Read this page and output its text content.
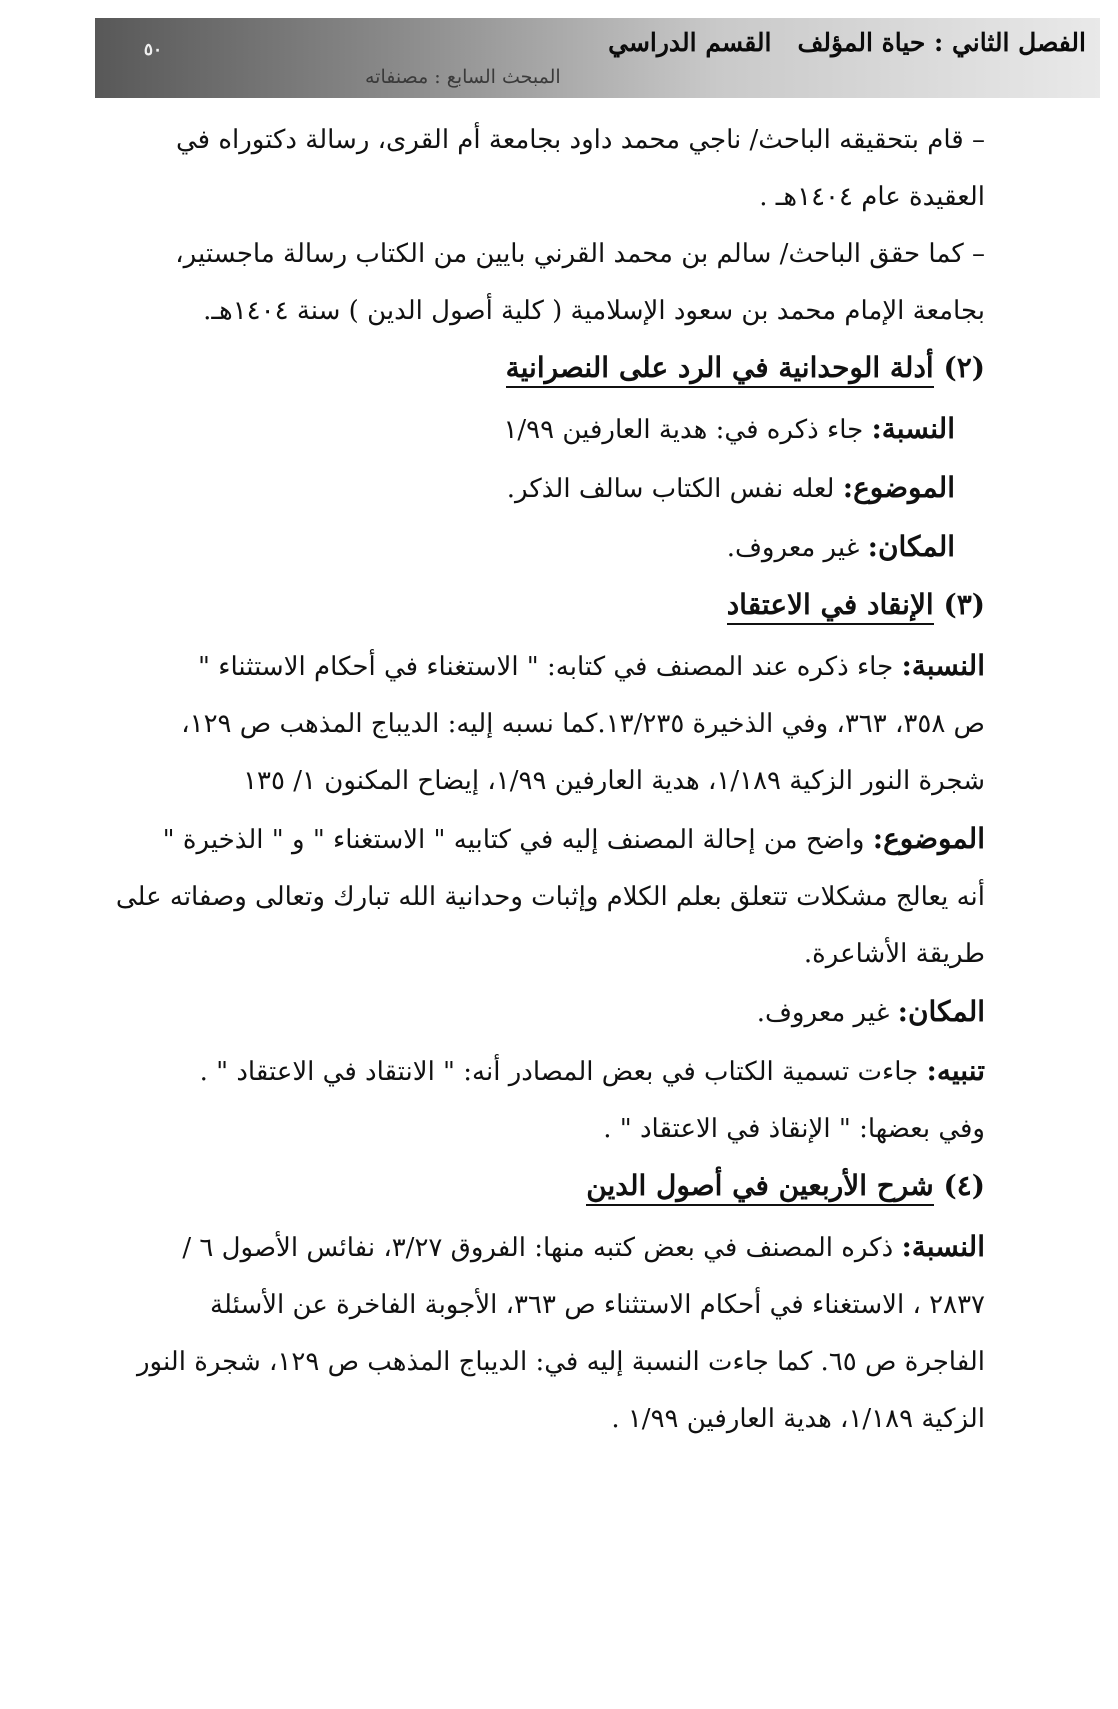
القسم الدراسي الفصل الثاني : حياة المؤلف
المبحث السابع : مصنفاته
٥٠

– قام بتحقيقه الباحث/ ناجي محمد داود بجامعة أم القرى، رسالة دكتوراه في

العقيدة عام ١٤٠٤هـ .

– كما حقق الباحث/ سالم بن محمد القرني بايين من الكتاب رسالة ماجستير،

بجامعة الإمام محمد بن سعود الإسلامية ( كلية أصول الدين ) سنة ١٤٠٤هـ.

(٢) أدلة الوحدانية في الرد على النصرانية

النسبة: جاء ذكره في: هدية العارفين ١/٩٩

الموضوع: لعله نفس الكتاب سالف الذكر.

المكان: غير معروف.

(٣) الإنقاد في الاعتقاد

النسبة: جاء ذكره عند المصنف في كتابه: " الاستغناء في أحكام الاستثناء "

ص ٣٥٨، ٣٦٣، وفي الذخيرة ١٣/٢٣٥.كما نسبه إليه: الديباج المذهب ص ١٢٩،

شجرة النور الزكية ١/١٨٩، هدية العارفين ١/٩٩، إيضاح المكنون ١/ ١٣٥

الموضوع: واضح من إحالة المصنف إليه في كتابيه " الاستغناء " و " الذخيرة "

أنه يعالج مشكلات تتعلق بعلم الكلام وإثبات وحدانية الله تبارك وتعالى وصفاته على

طريقة الأشاعرة.

المكان: غير معروف.

تنبيه: جاءت تسمية الكتاب في بعض المصادر أنه: " الانتقاد في الاعتقاد " .

وفي بعضها: " الإنقاذ في الاعتقاد " .

(٤) شرح الأربعين في أصول الدين

النسبة: ذكره المصنف في بعض كتبه منها: الفروق ٣/٢٧، نفائس الأصول ٦ /

٢٨٣٧ ، الاستغناء في أحكام الاستثناء ص ٣٦٣، الأجوبة الفاخرة عن الأسئلة

الفاجرة ص ٦٥. كما جاءت النسبة إليه في: الديباج المذهب ص ١٢٩، شجرة النور

الزكية ١/١٨٩، هدية العارفين ١/٩٩ .
